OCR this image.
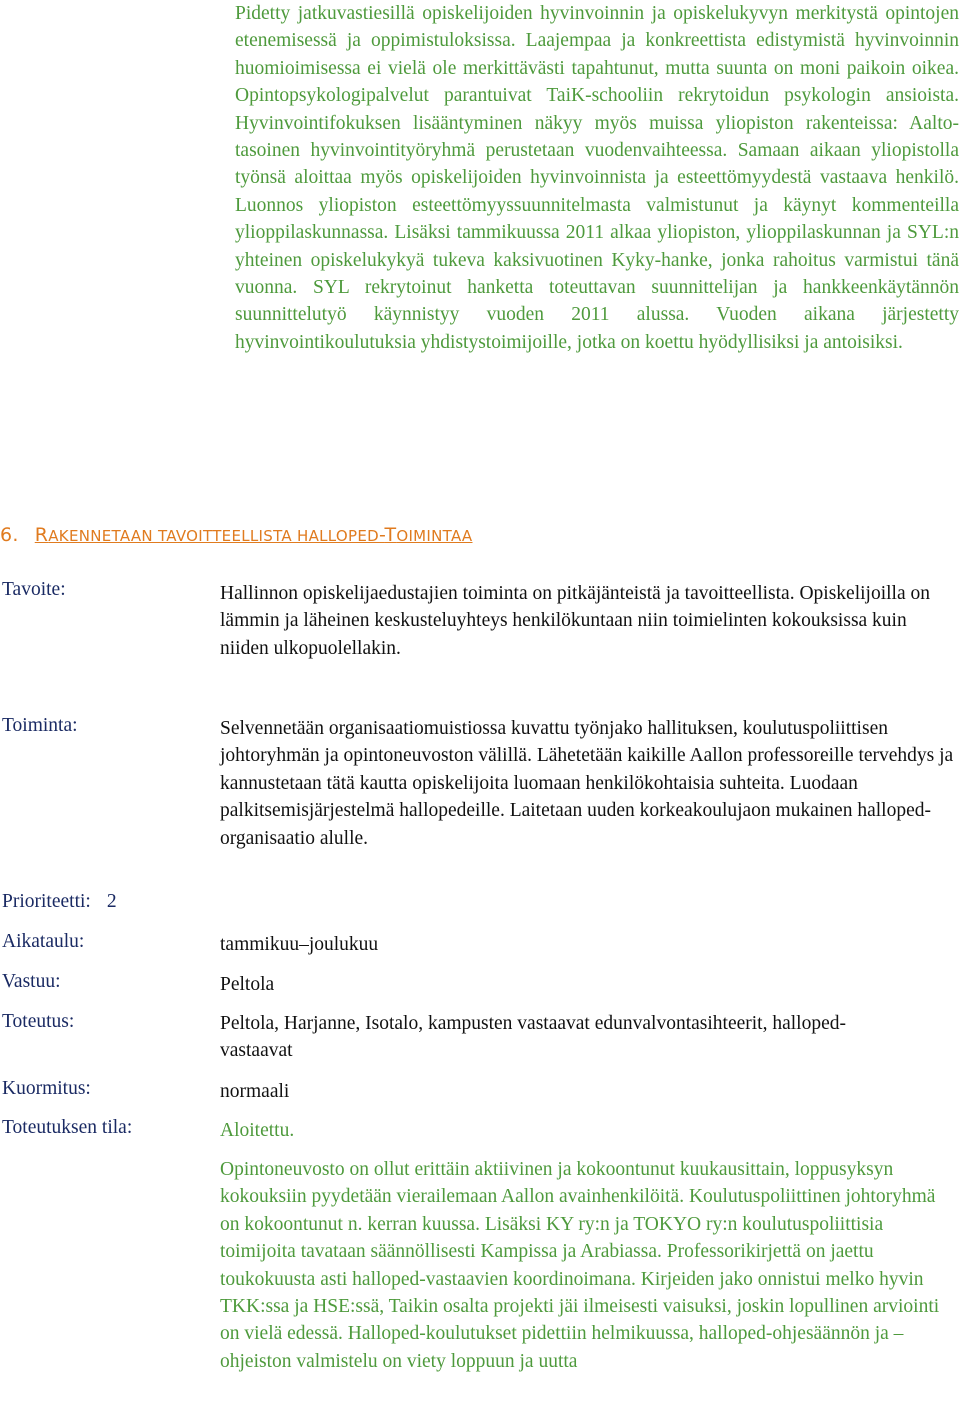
Pidetty jatkuvastiesillä opiskelijoiden hyvinvoinnin ja opiskelukyvyn merkitystä opintojen etenemisessä ja oppimistuloksissa. Laajempaa ja konkreettista edistymistä hyvinvoinnin huomioimisessa ei vielä ole merkittävästi tapahtunut, mutta suunta on moni paikoin oikea. Opintopsykologipalvelut parantuivat TaiK-schooliin rekrytoidun psykologin ansioista. Hyvinvointifokuksen lisääntyminen näkyy myös muissa yliopiston rakenteissa: Aalto-tasoinen hyvinvointityöryhmä perustetaan vuodenvaihteessa. Samaan aikaan yliopistolla työnsä aloittaa myös opiskelijoiden hyvinvoinnista ja esteettömyydestä vastaava henkilö. Luonnos yliopiston esteettömyyssuunnitelmasta valmistunut ja käynyt kommenteilla ylioppilaskunnassa. Lisäksi tammikuussa 2011 alkaa yliopiston, ylioppilaskunnan ja SYL:n yhteinen opiskelukykyä tukeva kaksivuotinen Kyky-hanke, jonka rahoitus varmistui tänä vuonna. SYL rekrytoinut hanketta toteuttavan suunnittelijan ja hankkeenkäytännön suunnittelutyö käynnistyy vuoden 2011 alussa. Vuoden aikana järjestetty hyvinvointikoulutuksia yhdistystoimijoille, jotka on koettu hyödyllisiksi ja antoisiksi.
6. RAKENNETAAN TAVOITTEELLISTA HALLOPED-TOIMINTAA
Tavoite:	Hallinnon opiskelijaedustajien toiminta on pitkäjänteistä ja tavoitteellista. Opiskelijoilla on lämmin ja läheinen keskusteluyhteys henkilökuntaan niin toimielinten kokouksissa kuin niiden ulkopuolellakin.
Toiminta:	Selvennetään organisaatiomuistiossa kuvattu työnjako hallituksen, koulutuspoliittisen johtoryhmän ja opintoneuvoston välillä. Lähetetään kaikille Aallon professoreille tervehdys ja kannustetaan tätä kautta opiskelijoita luomaan henkilökohtaisia suhteita. Luodaan palkitsemisjärjestelmä hallopedeille. Laitetaan uuden korkeakoulujaon mukainen halloped-organisaatio alulle.
Prioriteetti: 2
Aikataulu:	tammikuu–joulukuu
Vastuu:	Peltola
Toteutus:	Peltola, Harjanne, Isotalo, kampusten vastaavat edunvalvontasihteerit, halloped-vastaavat
Kuormitus:	normaali
Toteutuksen tila:	Aloitettu.
Opintoneuvosto on ollut erittäin aktiivinen ja kokoontunut kuukausittain, loppusyksyn kokouksiin pyydetään vierailemaan Aallon avainhenkilöitä. Koulutuspoliittinen johtoryhmä on kokoontunut n. kerran kuussa. Lisäksi KY ry:n ja TOKYO ry:n koulutuspoliittisia toimijoita tavataan säännöllisesti Kampissa ja Arabiassa. Professorikirjettä on jaettu toukokuusta asti halloped-vastaavien koordinoimana. Kirjeiden jako onnistui melko hyvin TKK:ssa ja HSE:ssä, Taikin osalta projekti jäi ilmeisesti vaisuksi, joskin lopullinen arviointi on vielä edessä. Halloped-koulutukset pidettiin helmikuussa, halloped-ohjesäännön ja –ohjeiston valmistelu on viety loppuun ja uutta
